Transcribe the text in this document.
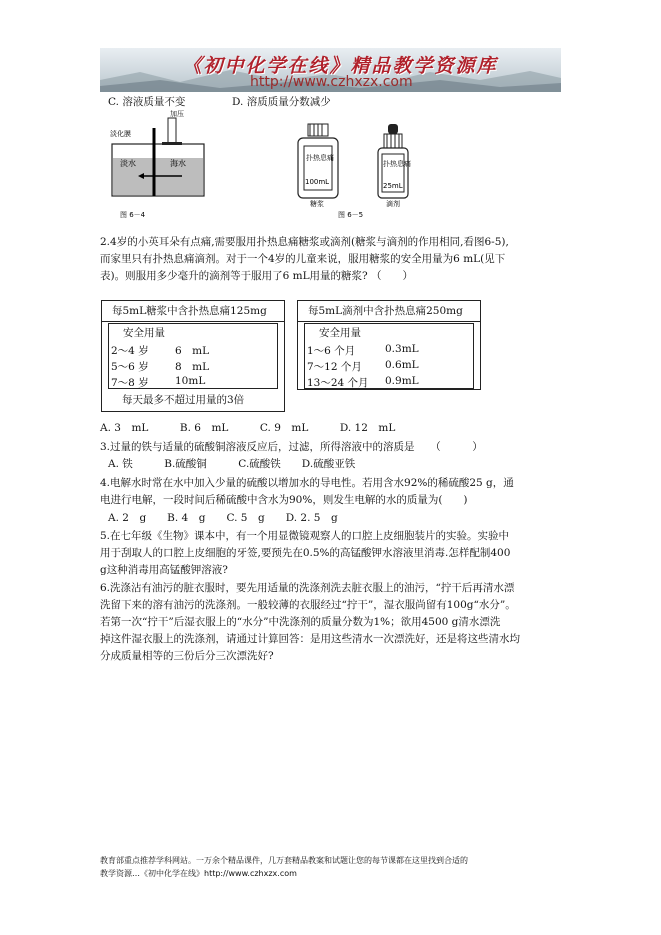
《初中化学在线》精品教学资源库
http://www.czhxzx.com
C. 溶液质量不变	D. 溶质质量分数减少
加压
淡化膜
淡水	海水
图 6－4
扑热息痛
100mL
糖浆
扑热息痛
25mL
滴剂
图 6－5
2.4岁的小英耳朵有点痛,需要服用扑热息痛糖浆或滴剂(糖浆与滴剂的作用相同,看图6-5),
而家里只有扑热息痛滴剂。对于一个4岁的儿童来说，服用糖浆的安全用量为6 mL(见下
表)。则服用多少毫升的滴剂等于服用了6 mL用量的糖浆? （　　）
每5mL糖浆中含扑热息痛125mg
安全用量
2～4 岁	6　mL
5～6 岁	8　mL
7～8 岁	10mL
每天最多不超过用量的3倍
每5mL滴剂中含扑热息痛250mg
安全用量
1～6 个月	0.3mL
7～12 个月 0.6mL
13～24 个月 0.9mL
A. 3　mL　　　B. 6　mL　　　C. 9　mL　　　D. 12　mL
3.过量的铁与适量的硫酸铜溶液反应后，过滤，所得溶液中的溶质是　　（　　　）
A. 铁　　　B.硫酸铜　　　C.硫酸铁　　D.硫酸亚铁
4.电解水时常在水中加入少量的硫酸以增加水的导电性。若用含水92%的稀硫酸25 g，通
电进行电解，一段时间后稀硫酸中含水为90%，则发生电解的水的质量为(　　)
A. 2　g　　B. 4　g　　C. 5　g　　D. 2. 5　g
5.在七年级《生物》课本中，有一个用显微镜观察人的口腔上皮细胞装片的实验。实验中
用于刮取人的口腔上皮细胞的牙签,要预先在0.5%的高锰酸钾水溶液里消毒.怎样配制400
g这种消毒用高锰酸钾溶液?
6.洗涤沾有油污的脏衣服时，要先用适量的洗涤剂洗去脏衣服上的油污，“拧干后再清水漂
洗留下来的溶有油污的洗涤剂。一般较薄的衣服经过“拧干”，湿衣服尚留有100g“水分”。
若第一次“拧干”后湿衣服上的“水分”中洗涤剂的质量分数为1%；欲用4500 g清水漂洗
掉这件湿衣服上的洗涤剂，请通过计算回答：是用这些清水一次漂洗好，还是将这些清水均
分成质量相等的三份后分三次漂洗好?
教育部重点推荐学科网站。一万余个精品课件，几万套精品教案和试题让您的每节课都在这里找到合适的
教学资源…《初中化学在线》http://www.czhxzx.com
